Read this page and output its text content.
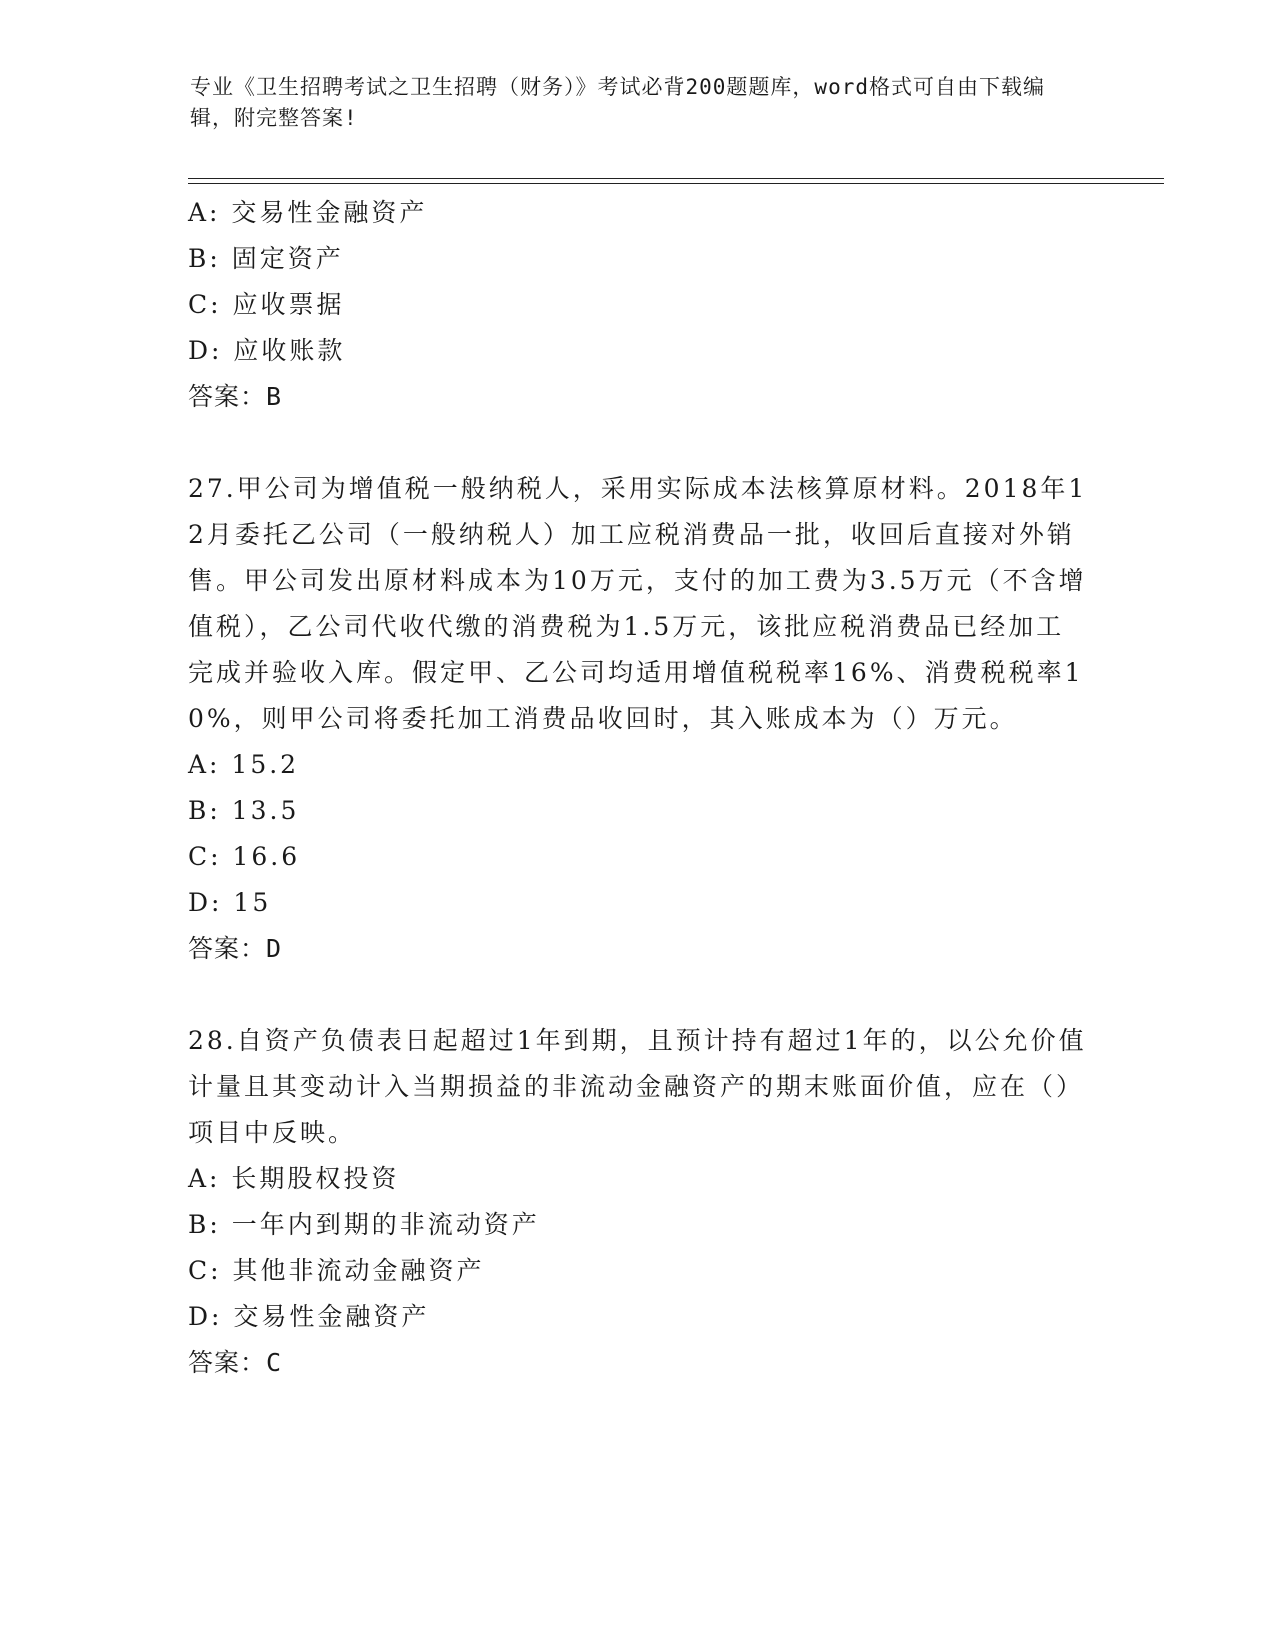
专业《卫生招聘考试之卫生招聘（财务）》考试必背200题题库，word格式可自由下载编辑，附完整答案!
A: 交易性金融资产
B: 固定资产
C: 应收票据
D: 应收账款
答案：B

27.甲公司为增值税一般纳税人，采用实际成本法核算原材料。2018年12月委托乙公司（一般纳税人）加工应税消费品一批，收回后直接对外销售。甲公司发出原材料成本为10万元，支付的加工费为3.5万元（不含增值税），乙公司代收代缴的消费税为1.5万元，该批应税消费品已经加工完成并验收入库。假定甲、乙公司均适用增值税税率16%、消费税税率10%，则甲公司将委托加工消费品收回时，其入账成本为（）万元。

A: 15.2
B: 13.5
C: 16.6
D: 15
答案：D

28.自资产负债表日起超过1年到期，且预计持有超过1年的，以公允价值计量且其变动计入当期损益的非流动金融资产的期末账面价值，应在（）项目中反映。

A: 长期股权投资
B: 一年内到期的非流动资产
C: 其他非流动金融资产
D: 交易性金融资产
答案：C
